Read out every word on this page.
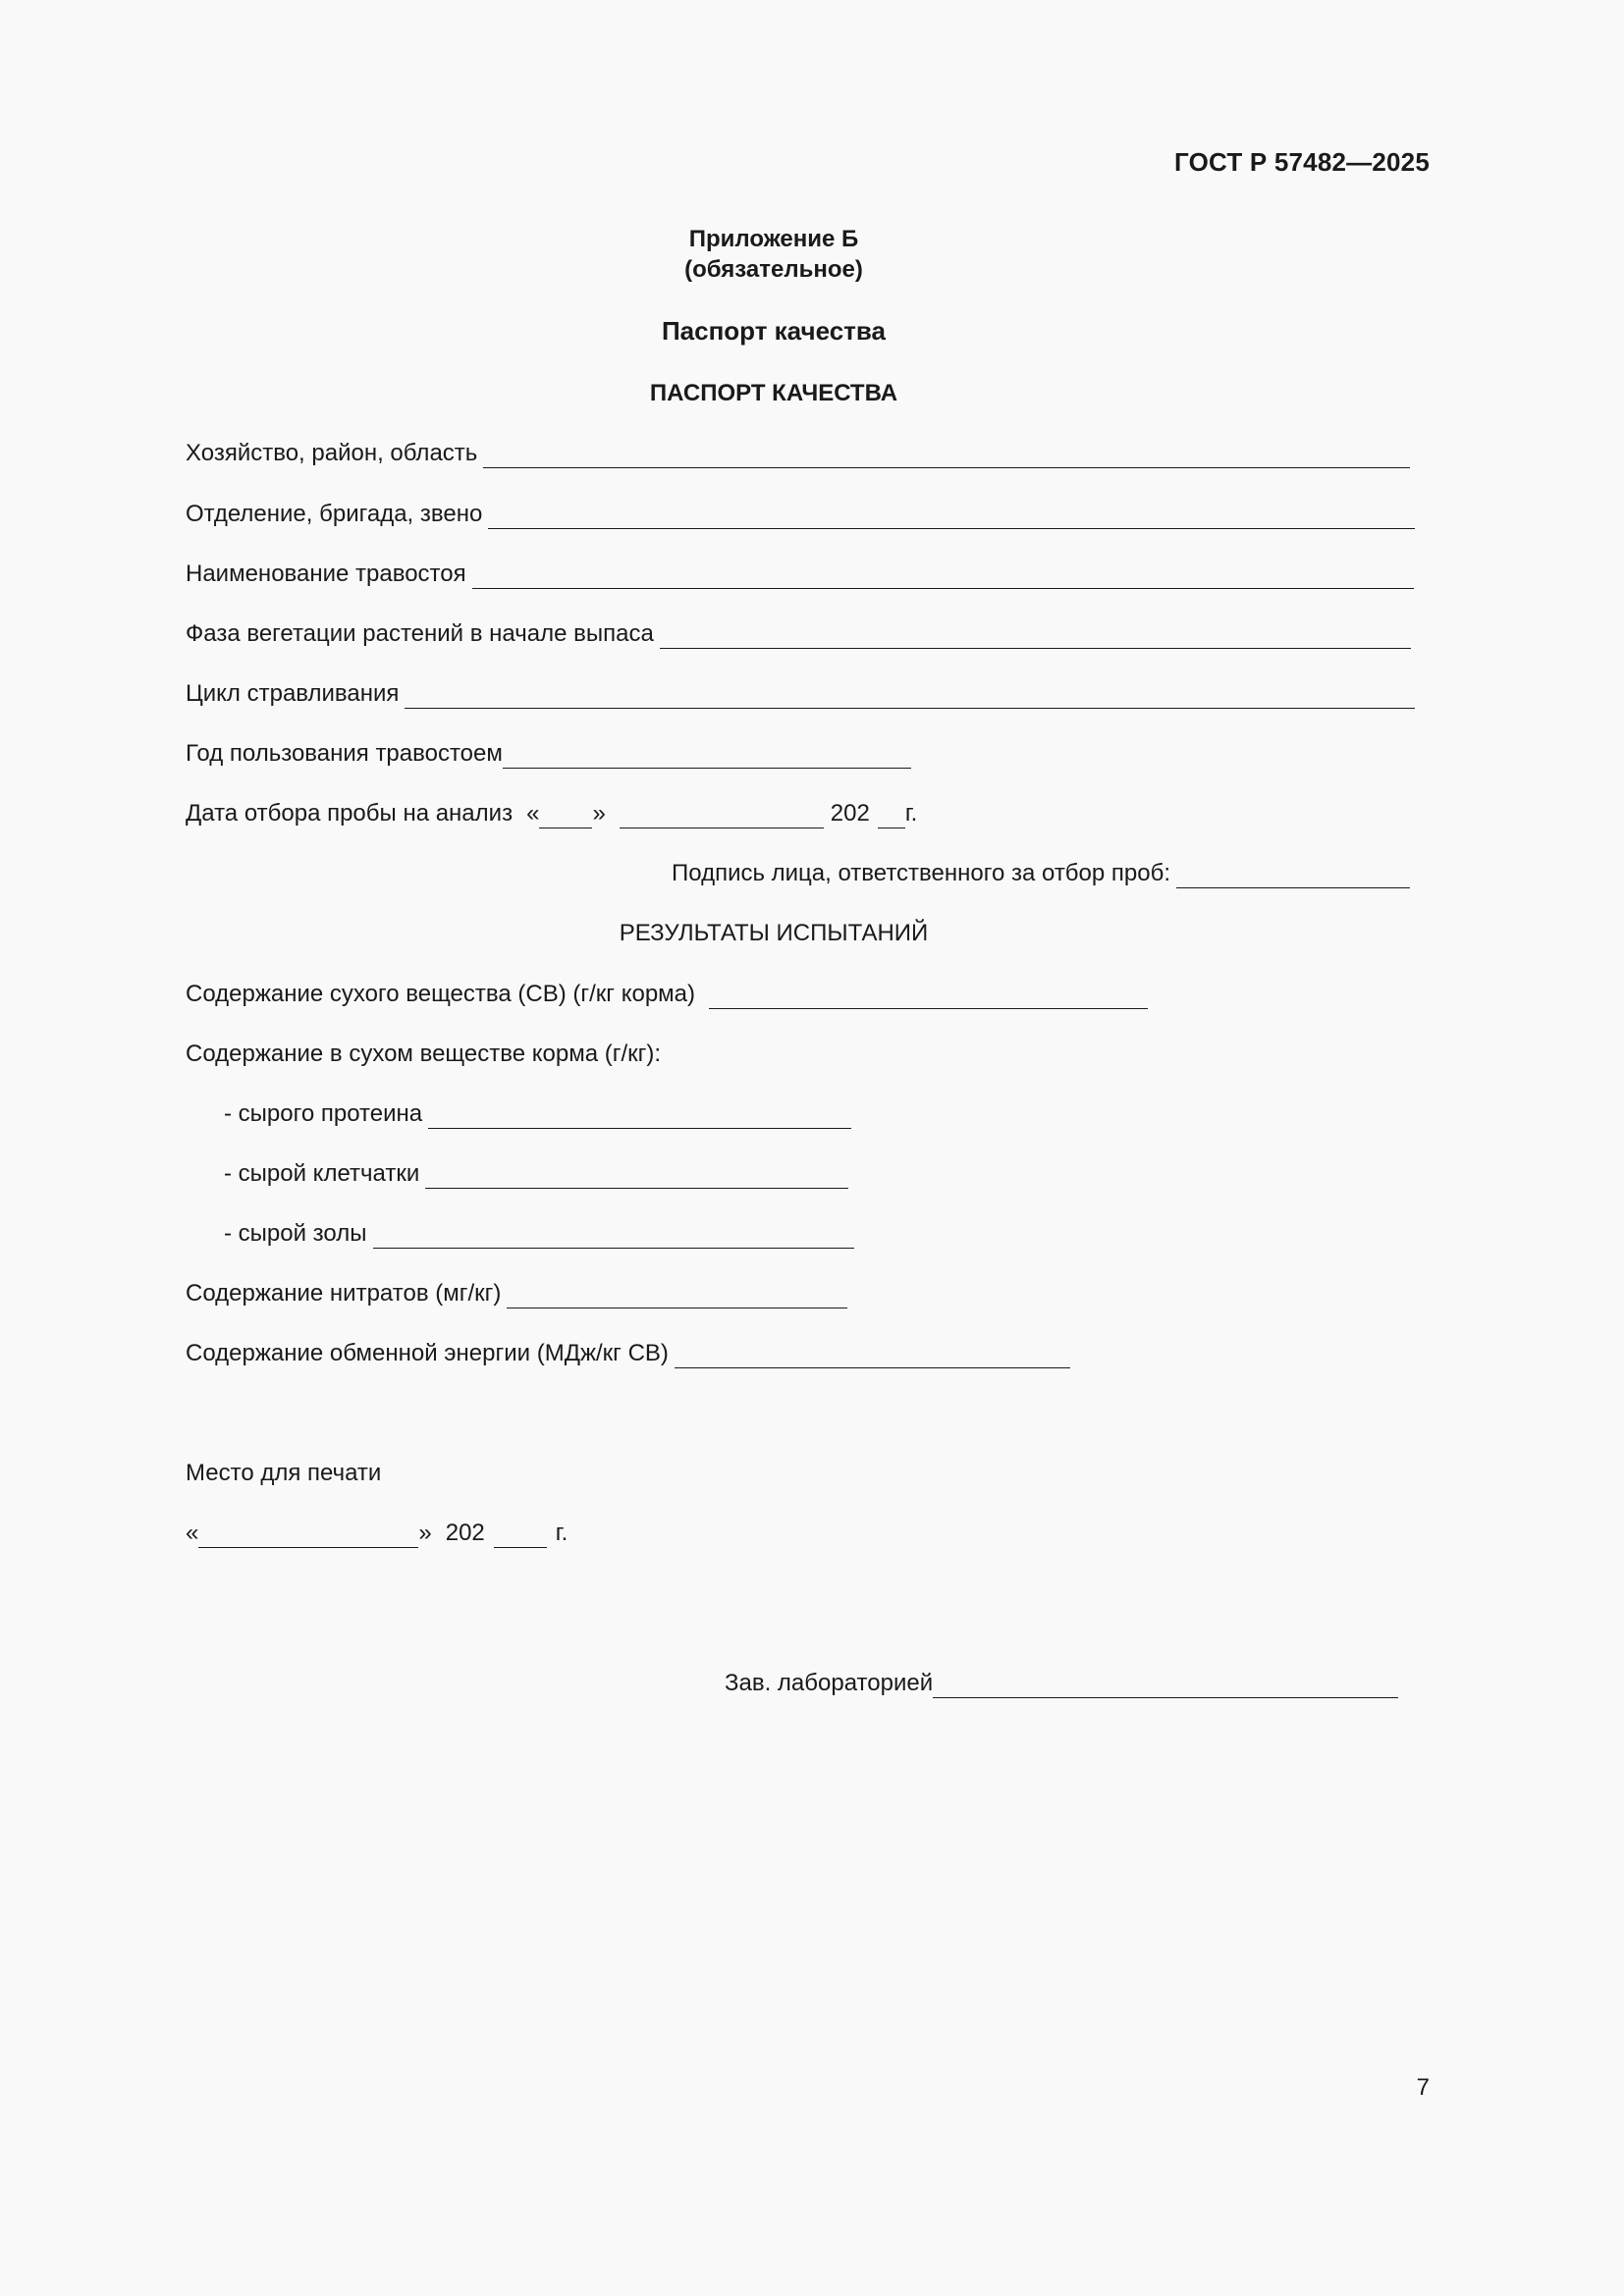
ГОСТ Р 57482—2025
Приложение Б
(обязательное)
Паспорт качества
ПАСПОРТ КАЧЕСТВА
Хозяйство, район, область
Отделение, бригада, звено
Наименование травостоя
Фаза вегетации растений в начале выпаса
Цикл стравливания
Год пользования травостоем
Дата отбора пробы на анализ « »	202 г.
Подпись лица, ответственного за отбор проб:
РЕЗУЛЬТАТЫ ИСПЫТАНИЙ
Содержание сухого вещества (СВ) (г/кг корма)
Содержание в сухом веществе корма (г/кг):
- сырого протеина
- сырой клетчатки
- сырой золы
Содержание нитратов (мг/кг)
Содержание обменной энергии (МДж/кг СВ)
Место для печати
«	» 202	г.
Зав. лабораторией
7
